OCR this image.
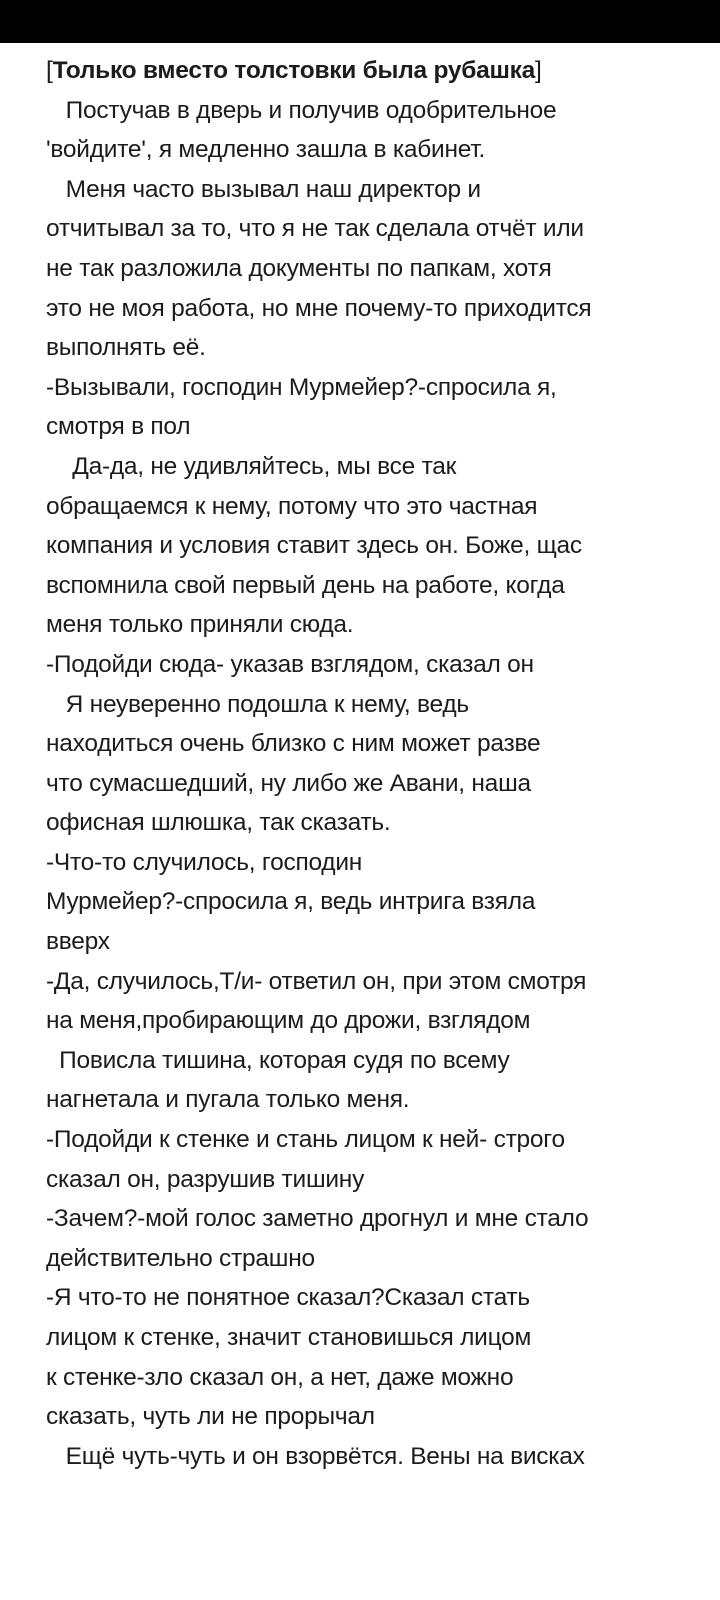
[Только вместо толстовки была рубашка]
Постучав в дверь и получив одобрительное
'войдите', я медленно зашла в кабинет.
Меня часто вызывал наш директор и
отчитывал за то, что я не так сделала отчёт или
не так разложила документы по папкам, хотя
это не моя работа, но мне почему-то приходится
выполнять её.
-Вызывали, господин Мурмейер?-спросила я,
смотря в пол
Да-да, не удивляйтесь, мы все так
обращаемся к нему, потому что это частная
компания и условия ставит здесь он. Боже, щас
вспомнила свой первый день на работе, когда
меня только приняли сюда.
-Подойди сюда- указав взглядом, сказал он
Я неуверенно подошла к нему, ведь
находиться очень близко с ним может разве
что сумасшедший, ну либо же Авани, наша
офисная шлюшка, так сказать.
-Что-то случилось, господин
Мурмейер?-спросила я, ведь интрига взяла
вверх
-Да, случилось,Т/и- ответил он, при этом смотря
на меня,пробирающим до дрожи, взглядом
Повисла тишина, которая судя по всему
нагнетала и пугала только меня.
-Подойди к стенке и стань лицом к ней- строго
сказал он, разрушив тишину
-Зачем?-мой голос заметно дрогнул и мне стало
действительно страшно
-Я что-то не понятное сказал?Сказал стать
лицом к стенке, значит становишься лицом
к стенке-зло сказал он, а нет, даже можно
сказать, чуть ли не прорычал
Ещё чуть-чуть и он взорвётся. Вены на висках
